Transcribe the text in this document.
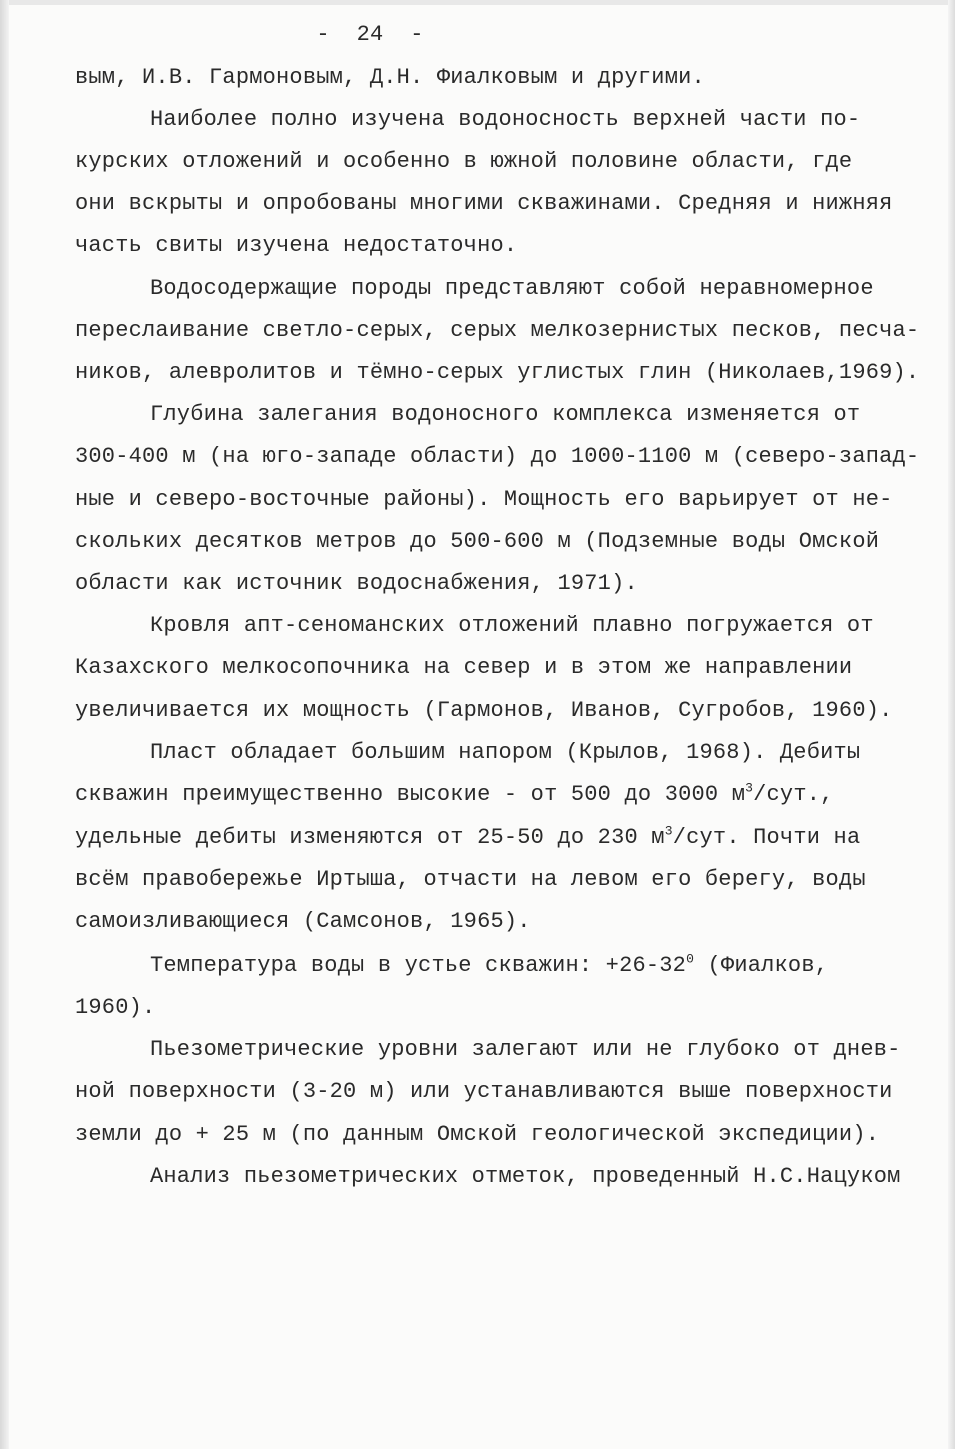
-  24  -
вым, И.В. Гармоновым, Д.Н. Фиалковым и другими.
Наиболее полно изучена водоносность верхней части по-
курских отложений и особенно в южной половине области, где
они вскрыты и опробованы многими скважинами. Средняя и нижняя
часть свиты изучена недостаточно.
Водосодержащие породы представляют собой неравномерное
переслаивание светло-серых, серых мелкозернистых песков, песча-
ников, алевролитов и тёмно-серых углистых глин (Николаев,1969).
Глубина залегания водоносного комплекса изменяется от
300-400 м (на юго-западе области) до 1000-1100 м (северо-запад-
ные и северо-восточные районы). Мощность его варьирует от не-
скольких десятков метров до 500-600 м (Подземные воды Омской
области как источник водоснабжения, 1971).
Кровля апт-сеноманских отложений плавно погружается от
Казахского мелкосопочника на север и в этом же направлении
увеличивается их мощность (Гармонов, Иванов, Сугробов, 1960).
Пласт обладает большим напором (Крылов, 1968). Дебиты
скважин преимущественно высокие - от 500 до 3000 $м^3$/сут.,
удельные дебиты изменяются от 25-50 до 230 $м^3$/сут. Почти на
всём правобережье Иртыша, отчасти на левом его берегу, воды
самоизливающиеся (Самсонов, 1965).
Температура воды в устье скважин: $+26-32^0$ (Фиалков,
1960).
Пьезометрические уровни залегают или не глубоко от днев-
ной поверхности (3-20 м) или устанавливаются выше поверхности
земли до + 25 м (по данным Омской геологической экспедиции).
Анализ пьезометрических отметок, проведенный Н.С.Нацуком
